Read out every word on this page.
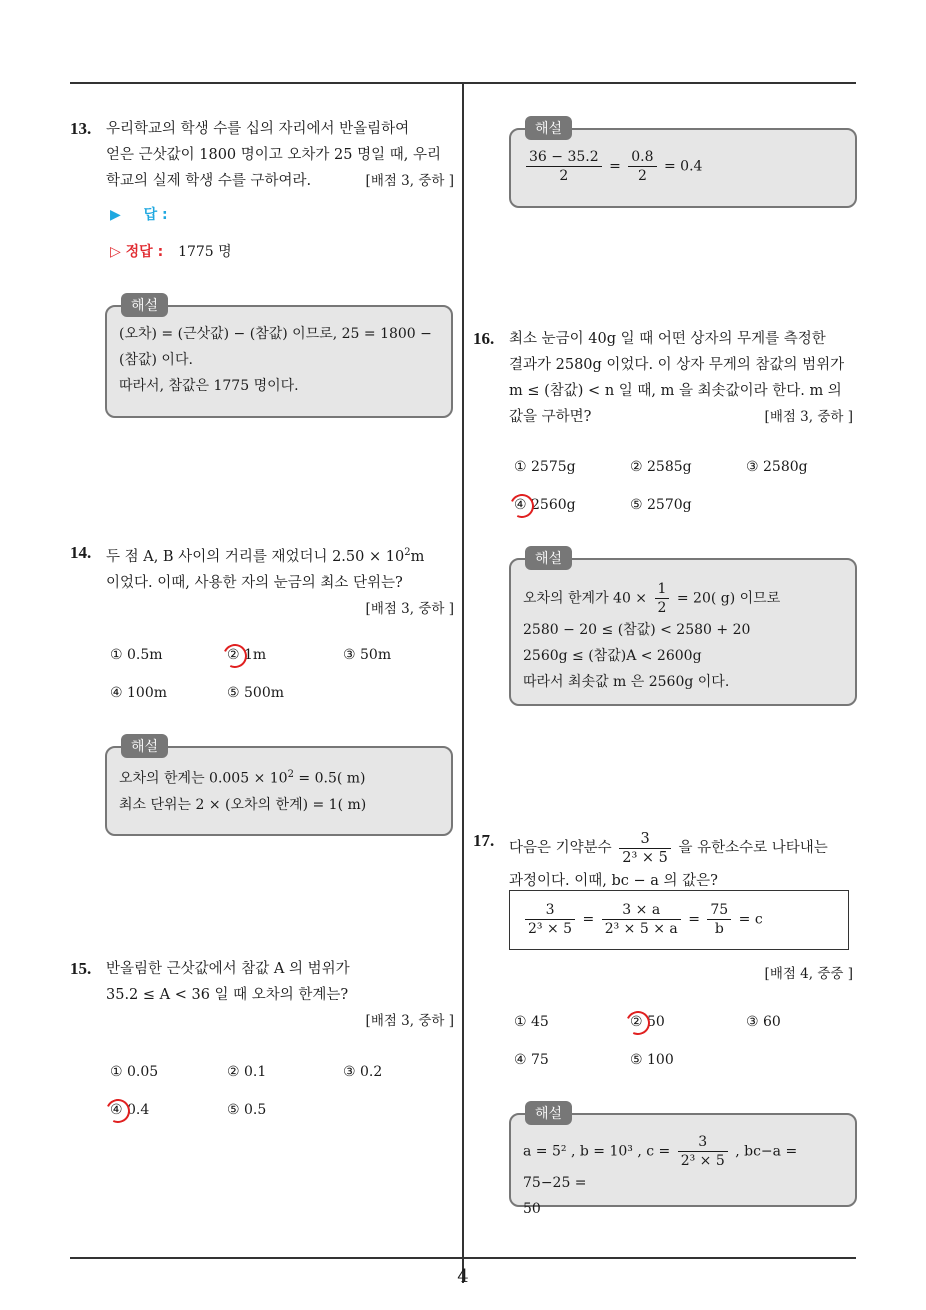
4
13. 우리학교의 학생 수를 십의 자리에서 반올림하여
얻은 근삿값이 1800 명이고 오차가 25 명일 때, 우리
학교의 실제 학생 수를 구하여라.	[배점 3, 중하 ]
▶ 답 :
▷ 정답 : 1775 명
해설
(오차) = (근삿값) − (참값) 이므로, 25 = 1800 −
(참값) 이다.
따라서, 참값은 1775 명이다.
14. 두 점 A, B 사이의 거리를 재었더니 $2.50 \times 10^2m$
이었다. 이때, 사용한 자의 눈금의 최소 단위는?
[배점 3, 중하 ]
① 0.5m	② 1m	③ 50m
④ 100m	⑤ 500m
해설
오차의 한계는 $0.005 \times 10^2 = 0.5$( m)
최소 단위는 2 × (오차의 한계) = 1( m)
15. 반올림한 근삿값에서 참값 A 의 범위가
35.2 ≤ A < 36 일 때 오차의 한계는?
[배점 3, 중하 ]
① 0.05	② 0.1	③ 0.2
④ 0.4	⑤ 0.5
해설
$\frac{36 - 35.2}{2} = \frac{0.8}{2} = 0.4$
16. 최소 눈금이 40g 일 때 어떤 상자의 무게를 측정한
결과가 2580g 이었다. 이 상자 무게의 참값의 범위가
m ≤ (참값) < n 일 때, m 을 최솟값이라 한다. m 의
값을 구하면?	[배점 3, 중하 ]
① 2575g	② 2585g	③ 2580g
④ 2560g	⑤ 2570g
해설
오차의 한계가 $40 \times \frac{1}{2} = 20$( g) 이므로
2580 − 20 ≤ (참값) < 2580 + 20
2560g ≤ (참값)A < 2600g
따라서 최솟값 m 은 2560g 이다.
17. 다음은 기약분수 $\frac{3}{\text{2³ × 5}}$ 을 유한소수로 나타내는
과정이다. 이때, bc − a 의 값은?
$\frac{3}{\text{2³ × 5}} = \frac{3 \times a}{\text{2³ × 5 × a}} = \frac{75}{b} = c$
[배점 4, 중중 ]
① 45	② 50	③ 60
④ 75	⑤ 100
해설
a = 5² , b = 10³ , $c = \frac{3}{\text{2³ × 5}}$ , bc−a = 75−25 =
50
